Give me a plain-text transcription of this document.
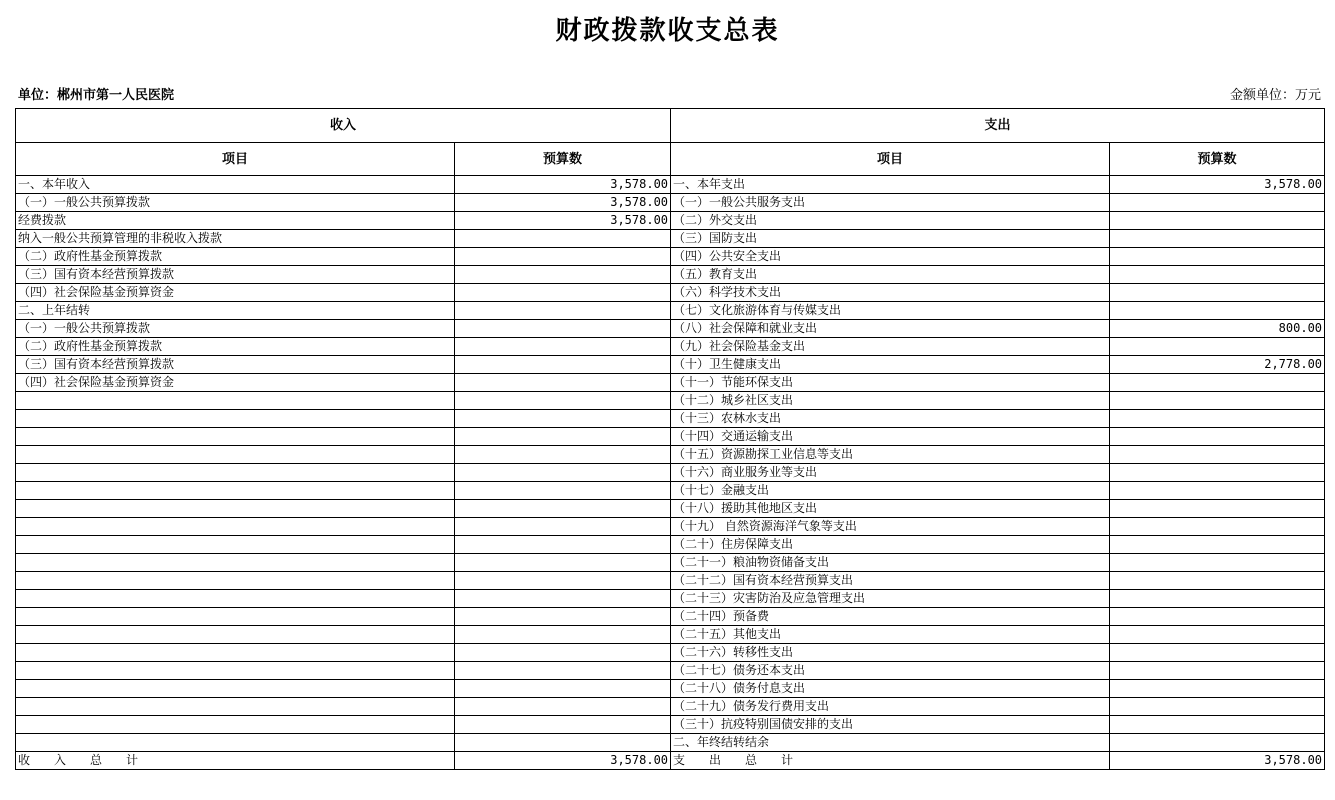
财政拨款收支总表
单位：郴州市第一人民医院	金额单位：万元
收入		支出	
项目	预算数	项目	预算数
一、本年收入	3,578.00	一、本年支出	3,578.00
（一）一般公共预算拨款	3,578.00	（一）一般公共服务支出	
经费拨款	3,578.00	（二）外交支出	
纳入一般公共预算管理的非税收入拨款		（三）国防支出	
（二）政府性基金预算拨款		（四）公共安全支出	
（三）国有资本经营预算拨款		（五）教育支出	
（四）社会保险基金预算资金		（六）科学技术支出	
二、上年结转		（七）文化旅游体育与传媒支出	
（一）一般公共预算拨款		（八）社会保障和就业支出	800.00
（二）政府性基金预算拨款		（九）社会保险基金支出	
（三）国有资本经营预算拨款		（十）卫生健康支出	2,778.00
（四）社会保险基金预算资金		（十一）节能环保支出	
		（十二）城乡社区支出	
		（十三）农林水支出	
		（十四）交通运输支出	
		（十五）资源勘探工业信息等支出	
		（十六）商业服务业等支出	
		（十七）金融支出	
		（十八）援助其他地区支出	
		（十九） 自然资源海洋气象等支出	
		（二十）住房保障支出	
		（二十一）粮油物资储备支出	
		（二十二）国有资本经营预算支出	
		（二十三）灾害防治及应急管理支出	
		（二十四）预备费	
		（二十五）其他支出	
		（二十六）转移性支出	
		（二十七）债务还本支出	
		（二十八）债务付息支出	
		（二十九）债务发行费用支出	
		（三十）抗疫特别国债安排的支出	
		二、年终结转结余	
收　　入　　总　　计	3,578.00	支　　出　　总　　计	3,578.00
